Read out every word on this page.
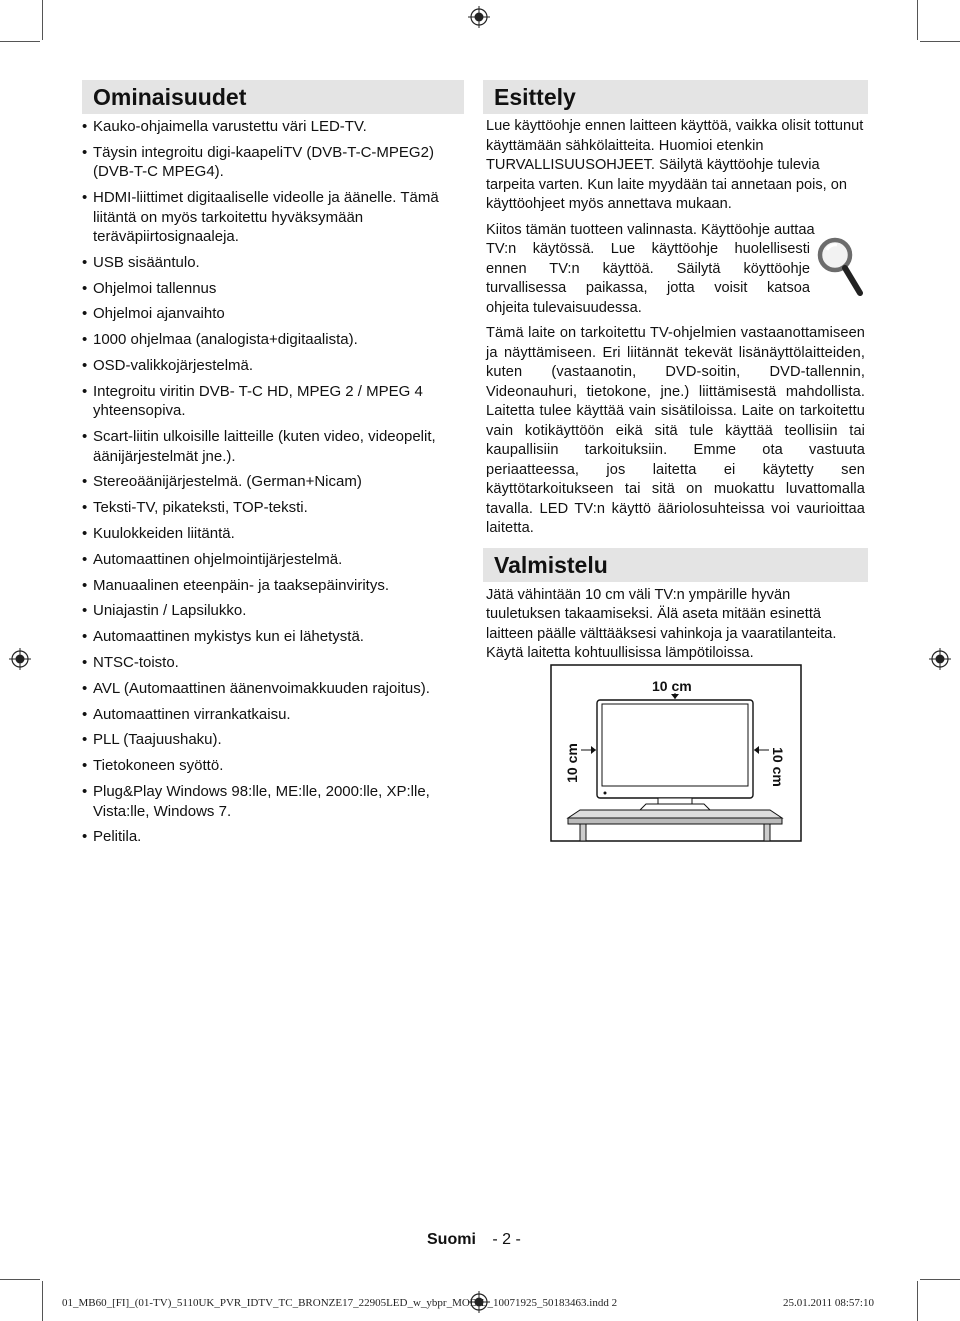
Ominaisuudet
• Kauko-ohjaimella varustettu väri LED-TV.
• Täysin integroitu digi-kaapeliTV (DVB-T-C-MPEG2) (DVB-T-C MPEG4).
• HDMI-liittimet digitaaliselle videolle ja äänelle. Tämä liitäntä on myös tarkoitettu hyväksymään teräväpiirtosignaaleja.
• USB sisääntulo.
• Ohjelmoi tallennus
• Ohjelmoi ajanvaihto
• 1000 ohjelmaa (analogista+digitaalista).
• OSD-valikkojärjestelmä.
• Integroitu viritin DVB- T-C HD, MPEG 2 / MPEG 4 yhteensopiva.
• Scart-liitin ulkoisille laitteille (kuten video, videopelit, äänijärjestelmät jne.).
• Stereoäänijärjestelmä. (German+Nicam)
• Teksti-TV, pikateksti, TOP-teksti.
• Kuulokkeiden liitäntä.
• Automaattinen ohjelmointijärjestelmä.
• Manuaalinen eteenpäin- ja taaksepäinviritys.
• Uniajastin / Lapsilukko.
• Automaattinen mykistys kun ei lähetystä.
• NTSC-toisto.
• AVL (Automaattinen äänenvoimakkuuden rajoitus).
• Automaattinen virrankatkaisu.
• PLL (Taajuushaku).
• Tietokoneen syöttö.
• Plug&Play Windows 98:lle, ME:lle, 2000:lle, XP:lle, Vista:lle, Windows 7.
• Pelitila.
Esittely

Lue käyttöohje ennen laitteen käyttöä, vaikka olisit tottunut käyttämään sähkölaitteita. Huomioi etenkin TURVALLISUUSOHJEET. Säilytä käyttöohje tulevia tarpeita varten. Kun laite myydään tai annetaan pois, on käyttöohjeet myös annettava mukaan.

Kiitos tämän tuotteen valinnasta. Käyttöohje auttaa

TV:n käytössä. Lue käyttöohje huolellisesti
ennen TV:n käyttöä. Säilytä köyttöohje
turvallisessa paikassa, jotta voisit katsoa
ohjeita tulevaisuudessa.

Tämä laite on tarkoitettu TV-ohjelmien vastaanottamiseen ja näyttämiseen. Eri liitännät tekevät lisänäyttölaitteiden, kuten (vastaanotin, DVD-soitin, DVD-tallennin, Videonauhuri, tietokone, jne.) liittämisestä mahdollista. Laitetta tulee käyttää vain sisätiloissa. Laite on tarkoitettu vain kotikäyttöön eikä sitä tule käyttää teollisiin tai kaupallisiin tarkoituksiin. Emme ota vastuuta periaatteessa, jos laitetta ei käytetty sen käyttötarkoitukseen tai sitä on muokattu luvattomalla tavalla. LED TV:n käyttö ääriolosuhteissa voi vaurioittaa laitetta.

Valmistelu

Jätä vähintään 10 cm väli TV:n ympärille hyvän tuuletuksen takaamiseksi. Älä aseta mitään esinettä laitteen päälle välttääksesi vahinkoja ja vaaratilanteita. Käytä laitetta kohtuullisissa lämpötiloissa.

10 cm
10 cm	10 cm
Suomi - 2 -
01_MB60_[FI]_(01-TV)_5110UK_PVR_IDTV_TC_BRONZE17_22905LED_w_ybpr_MOBIL_10071925_50183463.indd 2	25.01.2011 08:57:10
